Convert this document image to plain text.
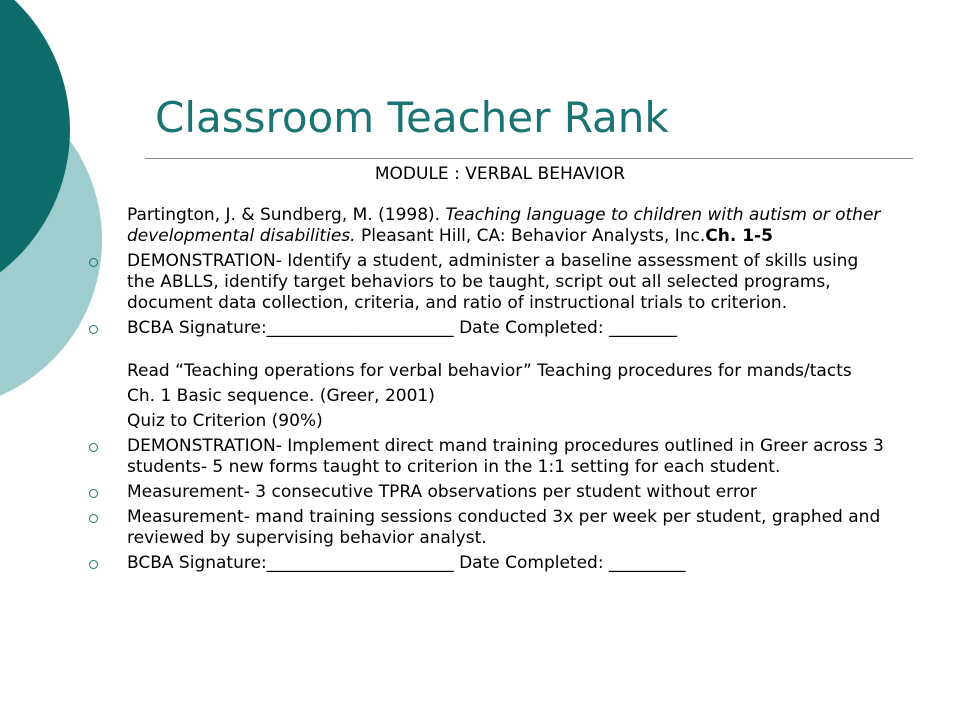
Classroom Teacher Rank

MODULE : VERBAL BEHAVIOR

Partington, J. & Sundberg, M. (1998). Teaching language to children with autism or other developmental disabilities. Pleasant Hill, CA: Behavior Analysts, Inc.Ch. 1-5

DEMONSTRATION- Identify a student, administer a baseline assessment of skills using the ABLLS, identify target behaviors to be taught, script out all selected programs, document data collection, criteria, and ratio of instructional trials to criterion.

BCBA Signature:______________________ Date Completed: ________

Read “Teaching operations for verbal behavior” Teaching procedures for mands/tacts

Ch. 1 Basic sequence. (Greer, 2001)

Quiz to Criterion (90%)

DEMONSTRATION- Implement direct mand training procedures outlined in Greer across 3 students- 5 new forms taught to criterion in the 1:1 setting for each student.

Measurement- 3 consecutive TPRA observations per student without error

Measurement- mand training sessions conducted 3x per week per student, graphed and reviewed by supervising behavior analyst.

BCBA Signature:______________________ Date Completed: _________
